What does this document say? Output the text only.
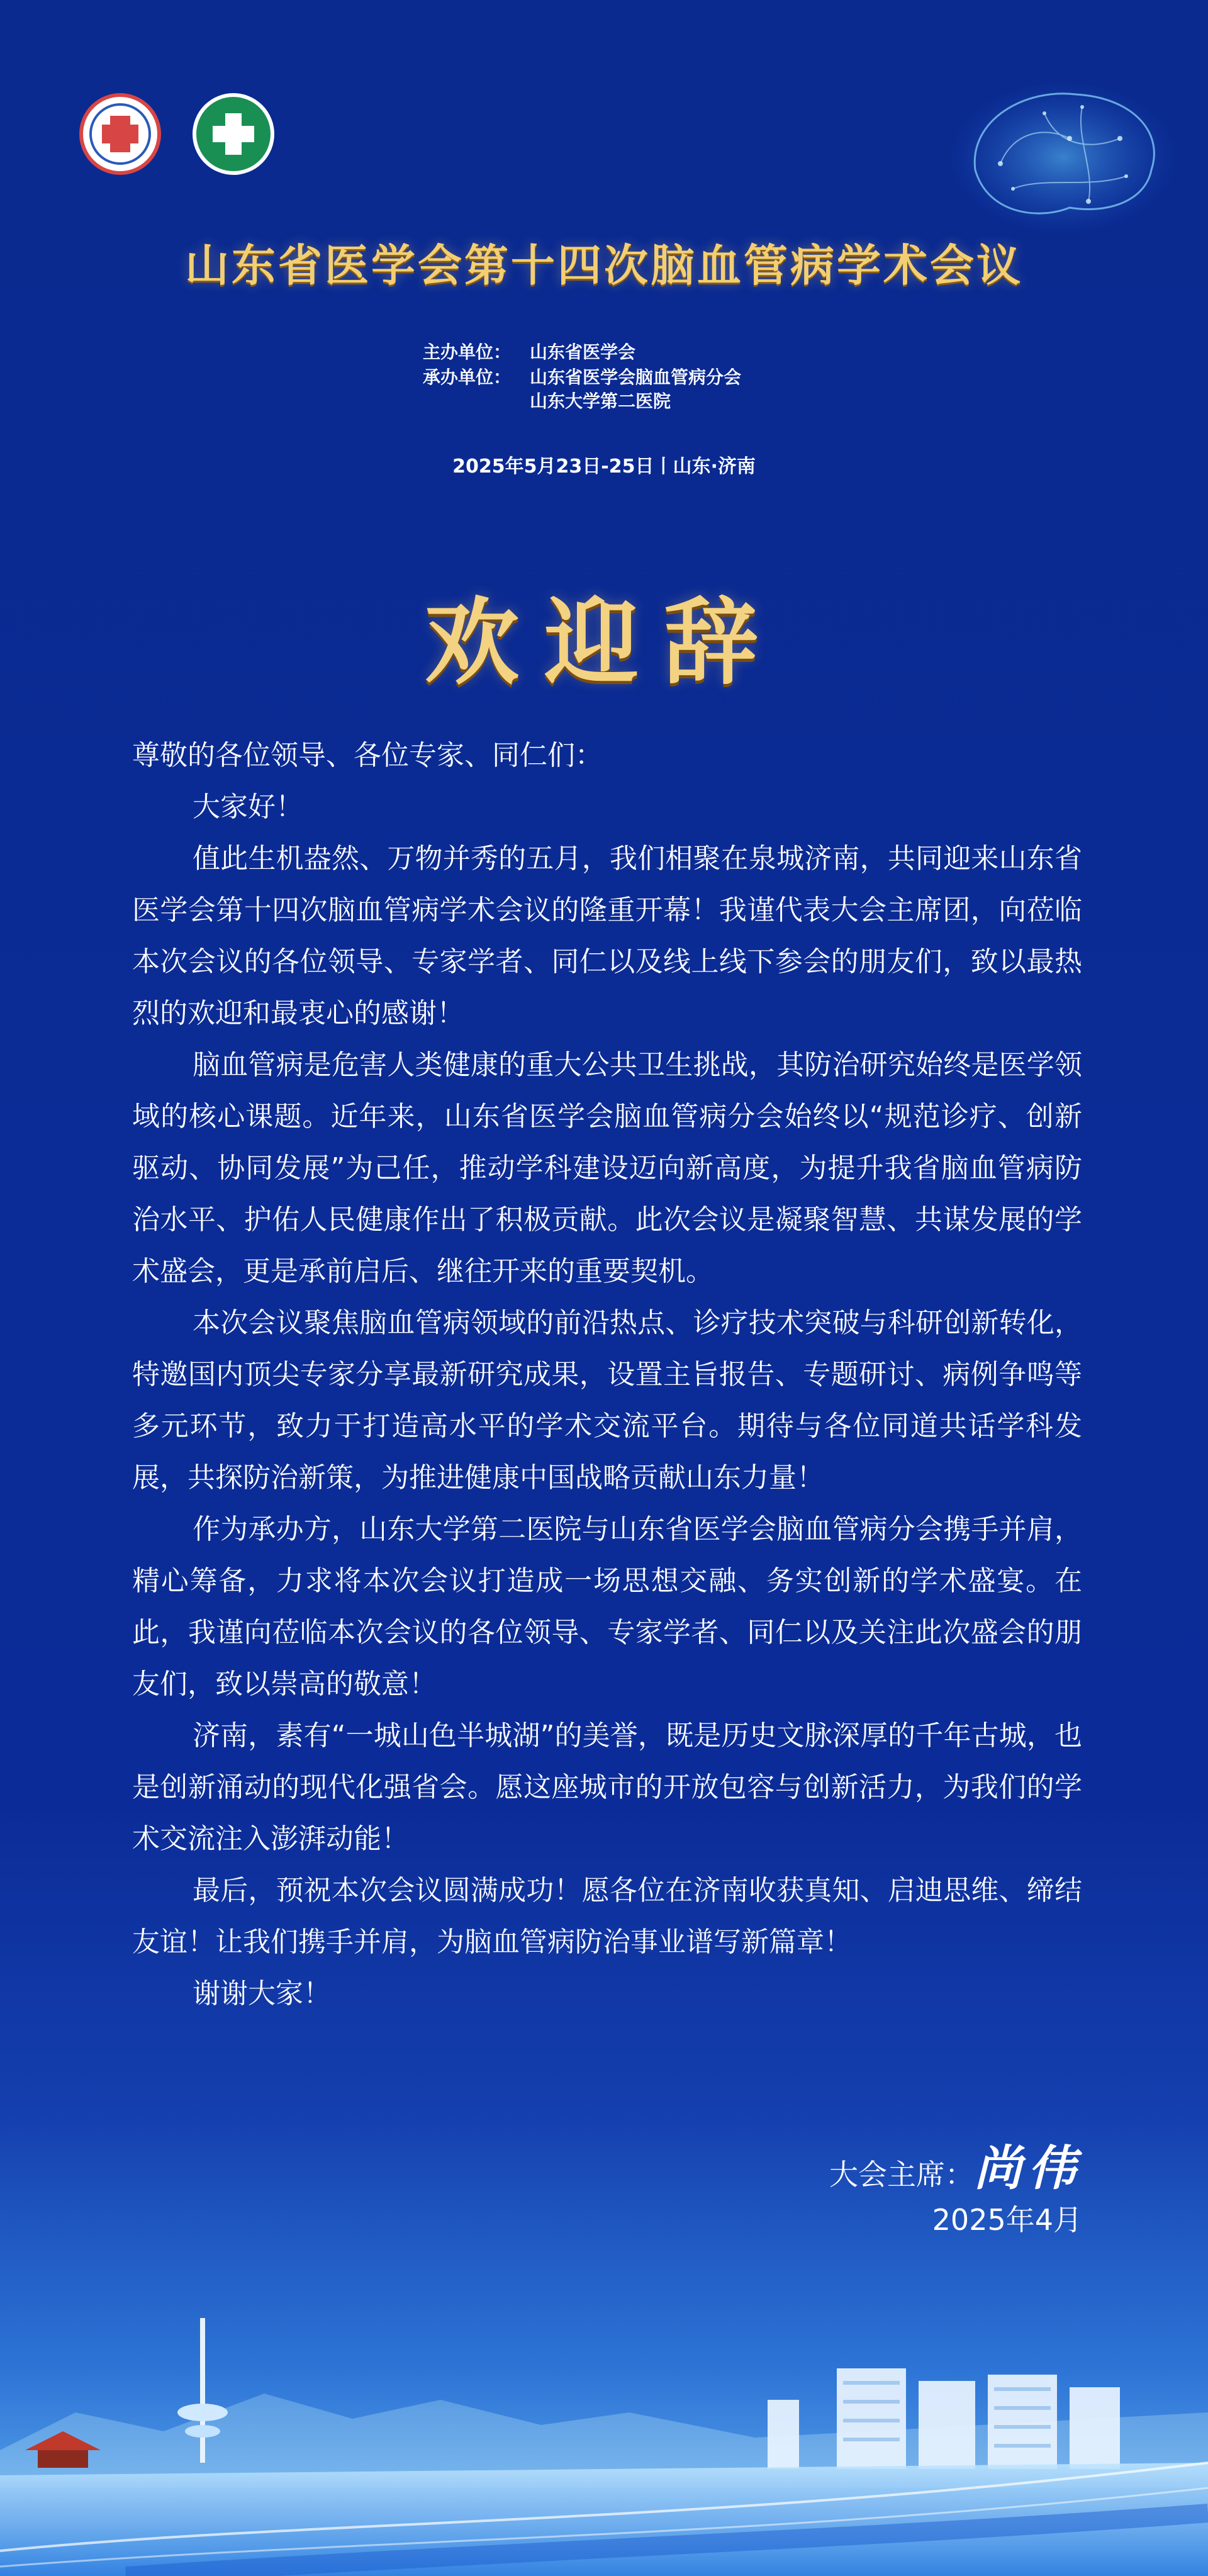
山东省医学会第十四次脑血管病学术会议
主办单位： 山东省医学会
承办单位： 山东省医学会脑血管病分会
山东大学第二医院
2025年5月23日-25日丨山东·济南
欢迎辞

尊敬的各位领导、各位专家、同仁们：

大家好！

值此生机盎然、万物并秀的五月，我们相聚在泉城济南，共同迎来山东省医学会第十四次脑血管病学术会议的隆重开幕！我谨代表大会主席团，向莅临本次会议的各位领导、专家学者、同仁以及线上线下参会的朋友们，致以最热烈的欢迎和最衷心的感谢！

脑血管病是危害人类健康的重大公共卫生挑战，其防治研究始终是医学领域的核心课题。近年来，山东省医学会脑血管病分会始终以“规范诊疗、创新驱动、协同发展”为己任，推动学科建设迈向新高度，为提升我省脑血管病防治水平、护佑人民健康作出了积极贡献。此次会议是凝聚智慧、共谋发展的学术盛会，更是承前启后、继往开来的重要契机。

本次会议聚焦脑血管病领域的前沿热点、诊疗技术突破与科研创新转化，特邀国内顶尖专家分享最新研究成果，设置主旨报告、专题研讨、病例争鸣等多元环节，致力于打造高水平的学术交流平台。期待与各位同道共话学科发展，共探防治新策，为推进健康中国战略贡献山东力量！

作为承办方，山东大学第二医院与山东省医学会脑血管病分会携手并肩，精心筹备，力求将本次会议打造成一场思想交融、务实创新的学术盛宴。在此，我谨向莅临本次会议的各位领导、专家学者、同仁以及关注此次盛会的朋友们，致以崇高的敬意！

济南，素有“一城山色半城湖”的美誉，既是历史文脉深厚的千年古城，也是创新涌动的现代化强省会。愿这座城市的开放包容与创新活力，为我们的学术交流注入澎湃动能！

最后，预祝本次会议圆满成功！愿各位在济南收获真知、启迪思维、缔结友谊！让我们携手并肩，为脑血管病防治事业谱写新篇章！

谢谢大家！

大会主席：尚伟
2025年4月
